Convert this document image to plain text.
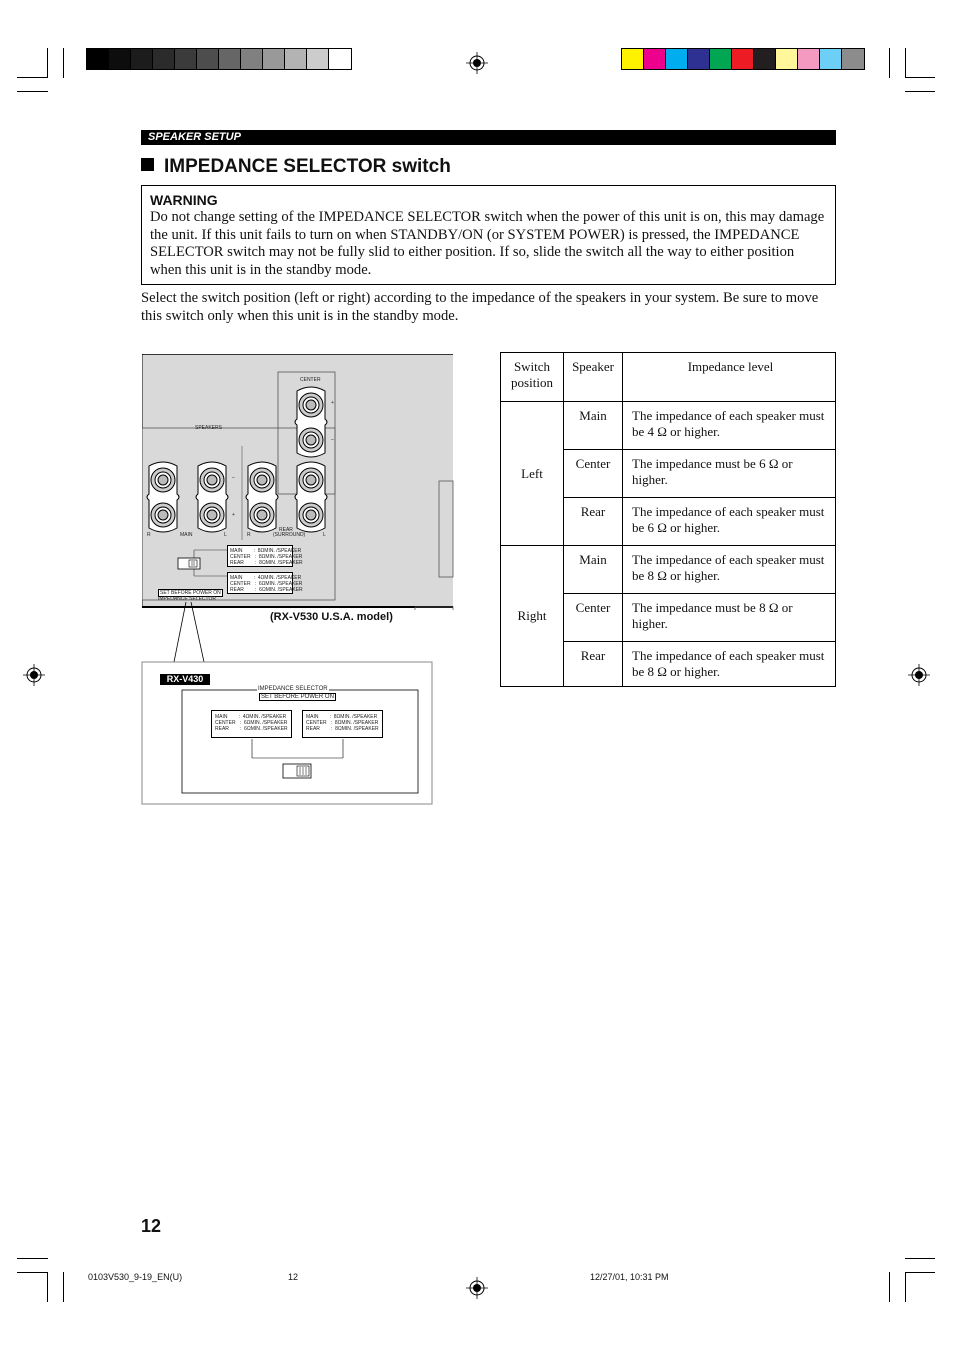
SPEAKER SETUP
IMPEDANCE SELECTOR switch
WARNING
Do not change setting of the IMPEDANCE SELECTOR switch when the power of this unit is on, this may damage the unit. If this unit fails to turn on when STANDBY/ON (or SYSTEM POWER) is pressed, the IMPEDANCE SELECTOR switch may not be fully slid to either position. If so, slide the switch all the way to either position when this unit is in the standby mode.
Select the switch position (left or right) according to the impedance of the speakers in your system. Be sure to move this switch only when this unit is in the standby mode.
CENTER
SPEAKERS
MAIN
REAR
(SURROUND)
R	L	R	L
+
–
+
–
MAIN        :  8ΩMIN. /SPEAKER
CENTER   :  8ΩMIN. /SPEAKER
REAR        :  8ΩMIN. /SPEAKER
MAIN        :  4ΩMIN. /SPEAKER
CENTER   :  6ΩMIN. /SPEAKER
REAR        :  6ΩMIN. /SPEAKER
SET BEFORE POWER ON
IMPEDANCE SELECTOR
(RX-V530 U.S.A. model)
RX-V430
IMPEDANCE SELECTOR
SET BEFORE POWER ON
MAIN        :  4ΩMIN. /SPEAKER
CENTER   :  6ΩMIN. /SPEAKER
REAR        :  6ΩMIN. /SPEAKER
MAIN        :  8ΩMIN. /SPEAKER
CENTER   :  8ΩMIN. /SPEAKER
REAR        :  8ΩMIN. /SPEAKER
Switch position	Speaker	Impedance level
Left	Main	The impedance of each speaker must be 4 Ω or higher.
	Center	The impedance must be 6 Ω or higher.
	Rear	The impedance of each speaker must be 6 Ω or higher.
Right	Main	The impedance of each speaker must be 8 Ω or higher.
	Center	The impedance must be 8 Ω or higher.
	Rear	The impedance of each speaker must be 8 Ω or higher.
12
0103V530_9-19_EN(U)	12	12/27/01, 10:31 PM
